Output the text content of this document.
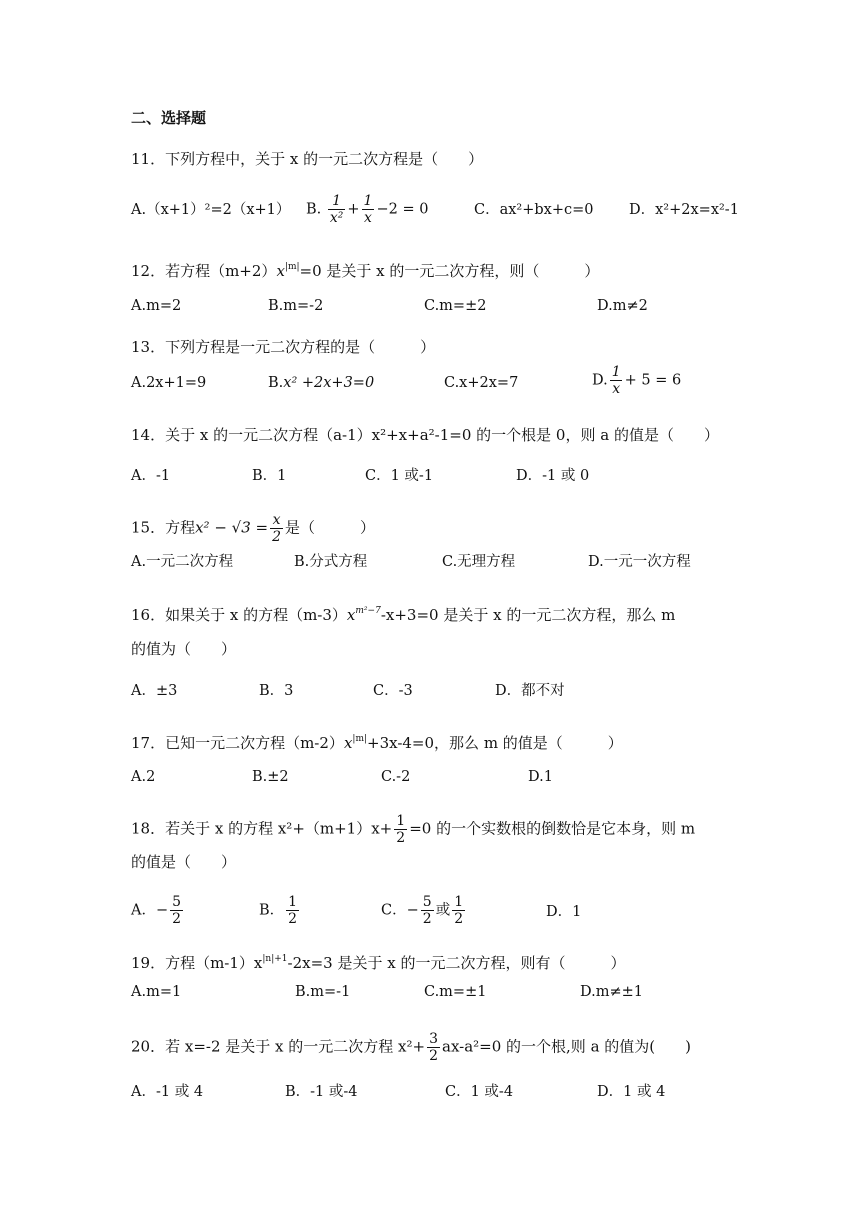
二、选择题
11．下列方程中，关于 x 的一元二次方程是（　　）
A.（x+1）²=2（x+1） B. $\frac{1}{\text{x²}} + \frac{1}{x} -2 = 0$	C．ax²+bx+c=0 D．x²+2x=x²-1
12．若方程$(m+2)x^{|m|}=0$ 是关于 x 的一元二次方程，则（　　　）
A.m=2	B.m=-2	C.m=±2	D.m≠2
13．下列方程是一元二次方程的是（　　　）
A.2x+1=9	B.x² +2x+3=0	C.x+2x=7	D. $\frac{1}{x} + 5 = 6$
14．关于 x 的一元二次方程（a-1）x²+x+a²-1=0 的一个根是 0，则 a 的值是（　　）
A．-1	B．1	C．1 或-1	D．-1 或 0
15．方程$x^2 - √3 = \frac{x}{2}$ 是（　　　）
A.一元二次方程	B.分式方程	C.无理方程	D.一元一次方程
16．如果关于 x 的方程$(m-3)x^{m^2-7}-x+3=0$ 是关于 x 的一元二次方程，那么 m
的值为（　　）
A．±3	B．3	C．-3	D．都不对
17．已知一元二次方程$(m-2)x^{|m|}+3x-4=0$，那么 m 的值是（　　　）
A.2	B.±2	C.-2	D.1
18．若关于 x 的方程 $x^2+(m+1)x+ \frac{1}{2} =0$ 的一个实数根的倒数恰是它本身，则 m
的值是（　　）
A．− $\frac{5}{2}$	B． $\frac{1}{2}$	C．− $\frac{5}{2}$ 或 $\frac{1}{2}$	D．1
19．方程$(m-1)x^{|n|+1}-2x=3$ 是关于 x 的一元二次方程，则有（　　　）
A.m=1	B.m=-1	C.m=±1	D.m≠±1
20．若 x=-2 是关于 x 的一元二次方程 $x^2+ \frac{3}{2} ax-a^2=0$ 的一个根,则 a 的值为(　　)
A．-1 或 4	B．-1 或-4	C．1 或-4	D．1 或 4
